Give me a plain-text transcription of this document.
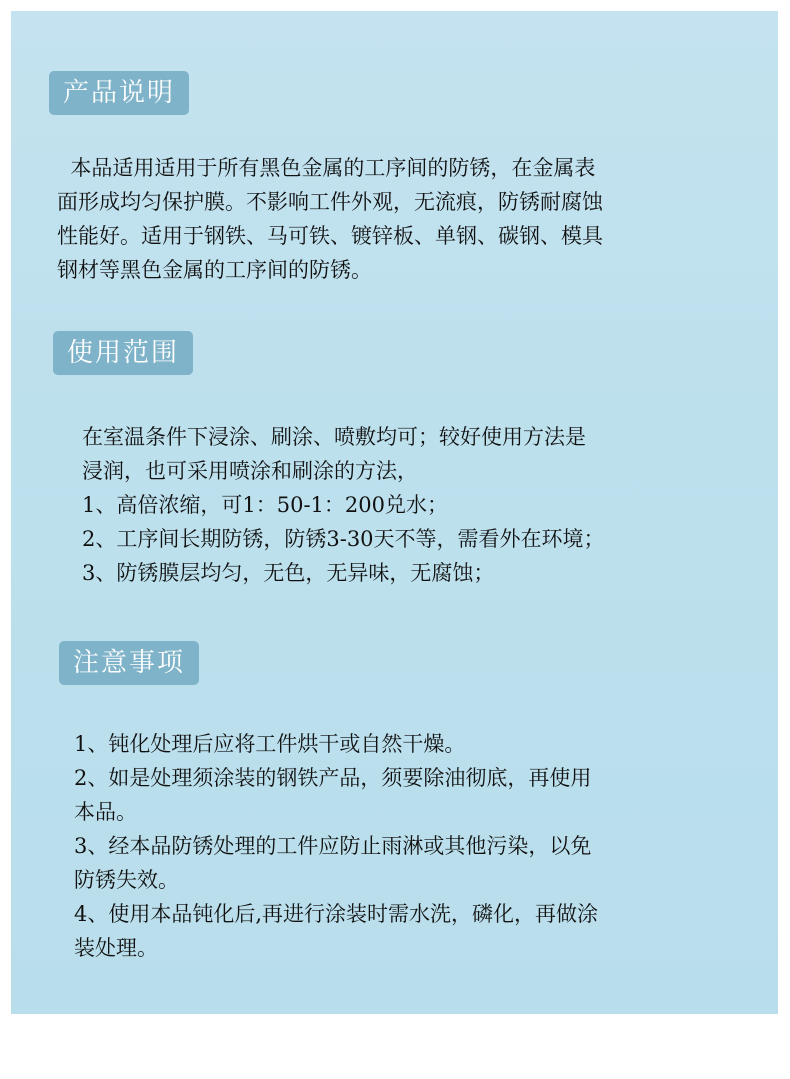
产品说明
本品适用适用于所有黑色金属的工序间的防锈，在金属表
面形成均匀保护膜。不影响工件外观，无流痕，防锈耐腐蚀
性能好。适用于钢铁、马可铁、镀锌板、单钢、碳钢、模具
钢材等黑色金属的工序间的防锈。
使用范围
在室温条件下浸涂、刷涂、喷敷均可；较好使用方法是
浸润，也可采用喷涂和刷涂的方法，
1、高倍浓缩，可1：50-1：200兑水；
2、工序间长期防锈，防锈3-30天不等，需看外在环境；
3、防锈膜层均匀，无色，无异味，无腐蚀；
注意事项
1、钝化处理后应将工件烘干或自然干燥。
2、如是处理须涂装的钢铁产品，须要除油彻底，再使用
本品。
3、经本品防锈处理的工件应防止雨淋或其他污染，以免
防锈失效。
4、使用本品钝化后,再进行涂装时需水洗，磷化，再做涂
装处理。
